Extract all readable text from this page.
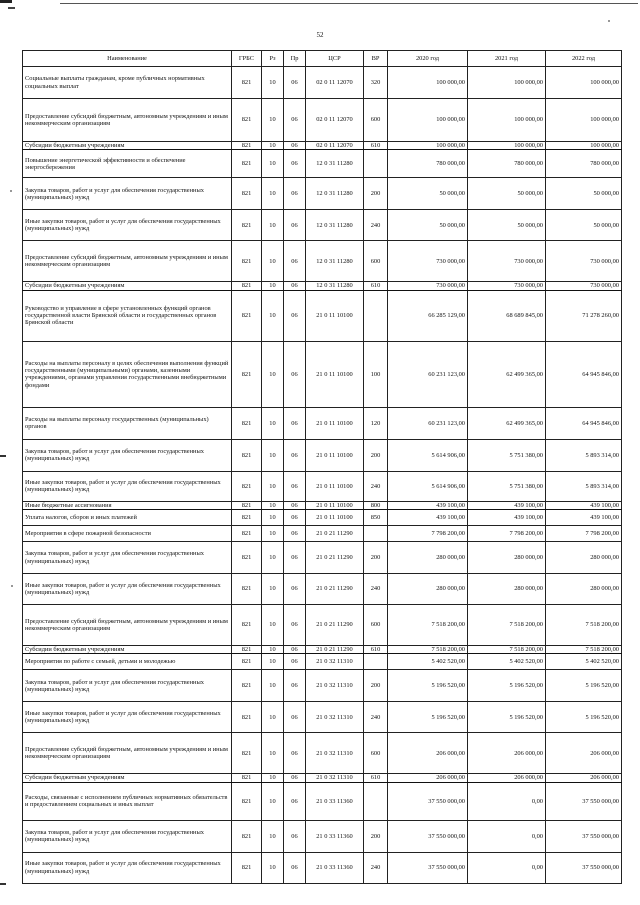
52
Наименование	ГРБС	Рз	Пр	ЦСР	ВР	2020 год	2021 год	2022 год
Социальные выплаты гражданам, кроме публичных нормативных социальных выплат	821	10	06	02 0 11 12070	320	100 000,00	100 000,00	100 000,00
Предоставление субсидий бюджетным, автономным учреждениям и иным некоммерческим организациям	821	10	06	02 0 11 12070	600	100 000,00	100 000,00	100 000,00
Субсидии бюджетным учреждениям	821	10	06	02 0 11 12070	610	100 000,00	100 000,00	100 000,00
Повышение энергетической эффективности и обеспечение энергосбережения	821	10	06	12 0 31 11280		780 000,00	780 000,00	780 000,00
Закупка товаров, работ и услуг для обеспечения государственных (муниципальных) нужд	821	10	06	12 0 31 11280	200	50 000,00	50 000,00	50 000,00
Иные закупки товаров, работ и услуг для обеспечения государственных (муниципальных) нужд	821	10	06	12 0 31 11280	240	50 000,00	50 000,00	50 000,00
Предоставление субсидий бюджетным, автономным учреждениям и иным некоммерческим организациям	821	10	06	12 0 31 11280	600	730 000,00	730 000,00	730 000,00
Субсидии бюджетным учреждениям	821	10	06	12 0 31 11280	610	730 000,00	730 000,00	730 000,00
Руководство и управление в сфере установленных функций органов государственной власти Брянской области и государственных органов Брянской области	821	10	06	21 0 11 10100		66 285 129,00	68 689 845,00	71 278 260,00
Расходы на выплаты персоналу в целях обеспечения выполнения функций государственными (муниципальными) органами, казенными учреждениями, органами управления государственными внебюджетными фондами	821	10	06	21 0 11 10100	100	60 231 123,00	62 499 365,00	64 945 846,00
Расходы на выплаты персоналу государственных (муниципальных) органов	821	10	06	21 0 11 10100	120	60 231 123,00	62 499 365,00	64 945 846,00
Закупка товаров, работ и услуг для обеспечения государственных (муниципальных) нужд	821	10	06	21 0 11 10100	200	5 614 906,00	5 751 380,00	5 893 314,00
Иные закупки товаров, работ и услуг для обеспечения государственных (муниципальных) нужд	821	10	06	21 0 11 10100	240	5 614 906,00	5 751 380,00	5 893 314,00
Иные бюджетные ассигнования	821	10	06	21 0 11 10100	800	439 100,00	439 100,00	439 100,00
Уплата налогов, сборов и иных платежей	821	10	06	21 0 11 10100	850	439 100,00	439 100,00	439 100,00
Мероприятия в сфере пожарной безопасности	821	10	06	21 0 21 11290		7 798 200,00	7 798 200,00	7 798 200,00
Закупка товаров, работ и услуг для обеспечения государственных (муниципальных) нужд	821	10	06	21 0 21 11290	200	280 000,00	280 000,00	280 000,00
Иные закупки товаров, работ и услуг для обеспечения государственных (муниципальных) нужд	821	10	06	21 0 21 11290	240	280 000,00	280 000,00	280 000,00
Предоставление субсидий бюджетным, автономным учреждениям и иным некоммерческим организациям	821	10	06	21 0 21 11290	600	7 518 200,00	7 518 200,00	7 518 200,00
Субсидии бюджетным учреждениям	821	10	06	21 0 21 11290	610	7 518 200,00	7 518 200,00	7 518 200,00
Мероприятия по работе с семьей, детьми и молодежью	821	10	06	21 0 32 11310		5 402 520,00	5 402 520,00	5 402 520,00
Закупка товаров, работ и услуг для обеспечения государственных (муниципальных) нужд	821	10	06	21 0 32 11310	200	5 196 520,00	5 196 520,00	5 196 520,00
Иные закупки товаров, работ и услуг для обеспечения государственных (муниципальных) нужд	821	10	06	21 0 32 11310	240	5 196 520,00	5 196 520,00	5 196 520,00
Предоставление субсидий бюджетным, автономным учреждениям и иным некоммерческим организациям	821	10	06	21 0 32 11310	600	206 000,00	206 000,00	206 000,00
Субсидии бюджетным учреждениям	821	10	06	21 0 32 11310	610	206 000,00	206 000,00	206 000,00
Расходы, связанные с исполнением публичных нормативных обязательств и предоставлением социальных и иных выплат	821	10	06	21 0 33 11360		37 550 000,00	0,00	37 550 000,00
Закупка товаров, работ и услуг для обеспечения государственных (муниципальных) нужд	821	10	06	21 0 33 11360	200	37 550 000,00	0,00	37 550 000,00
Иные закупки товаров, работ и услуг для обеспечения государственных (муниципальных) нужд	821	10	06	21 0 33 11360	240	37 550 000,00	0,00	37 550 000,00
